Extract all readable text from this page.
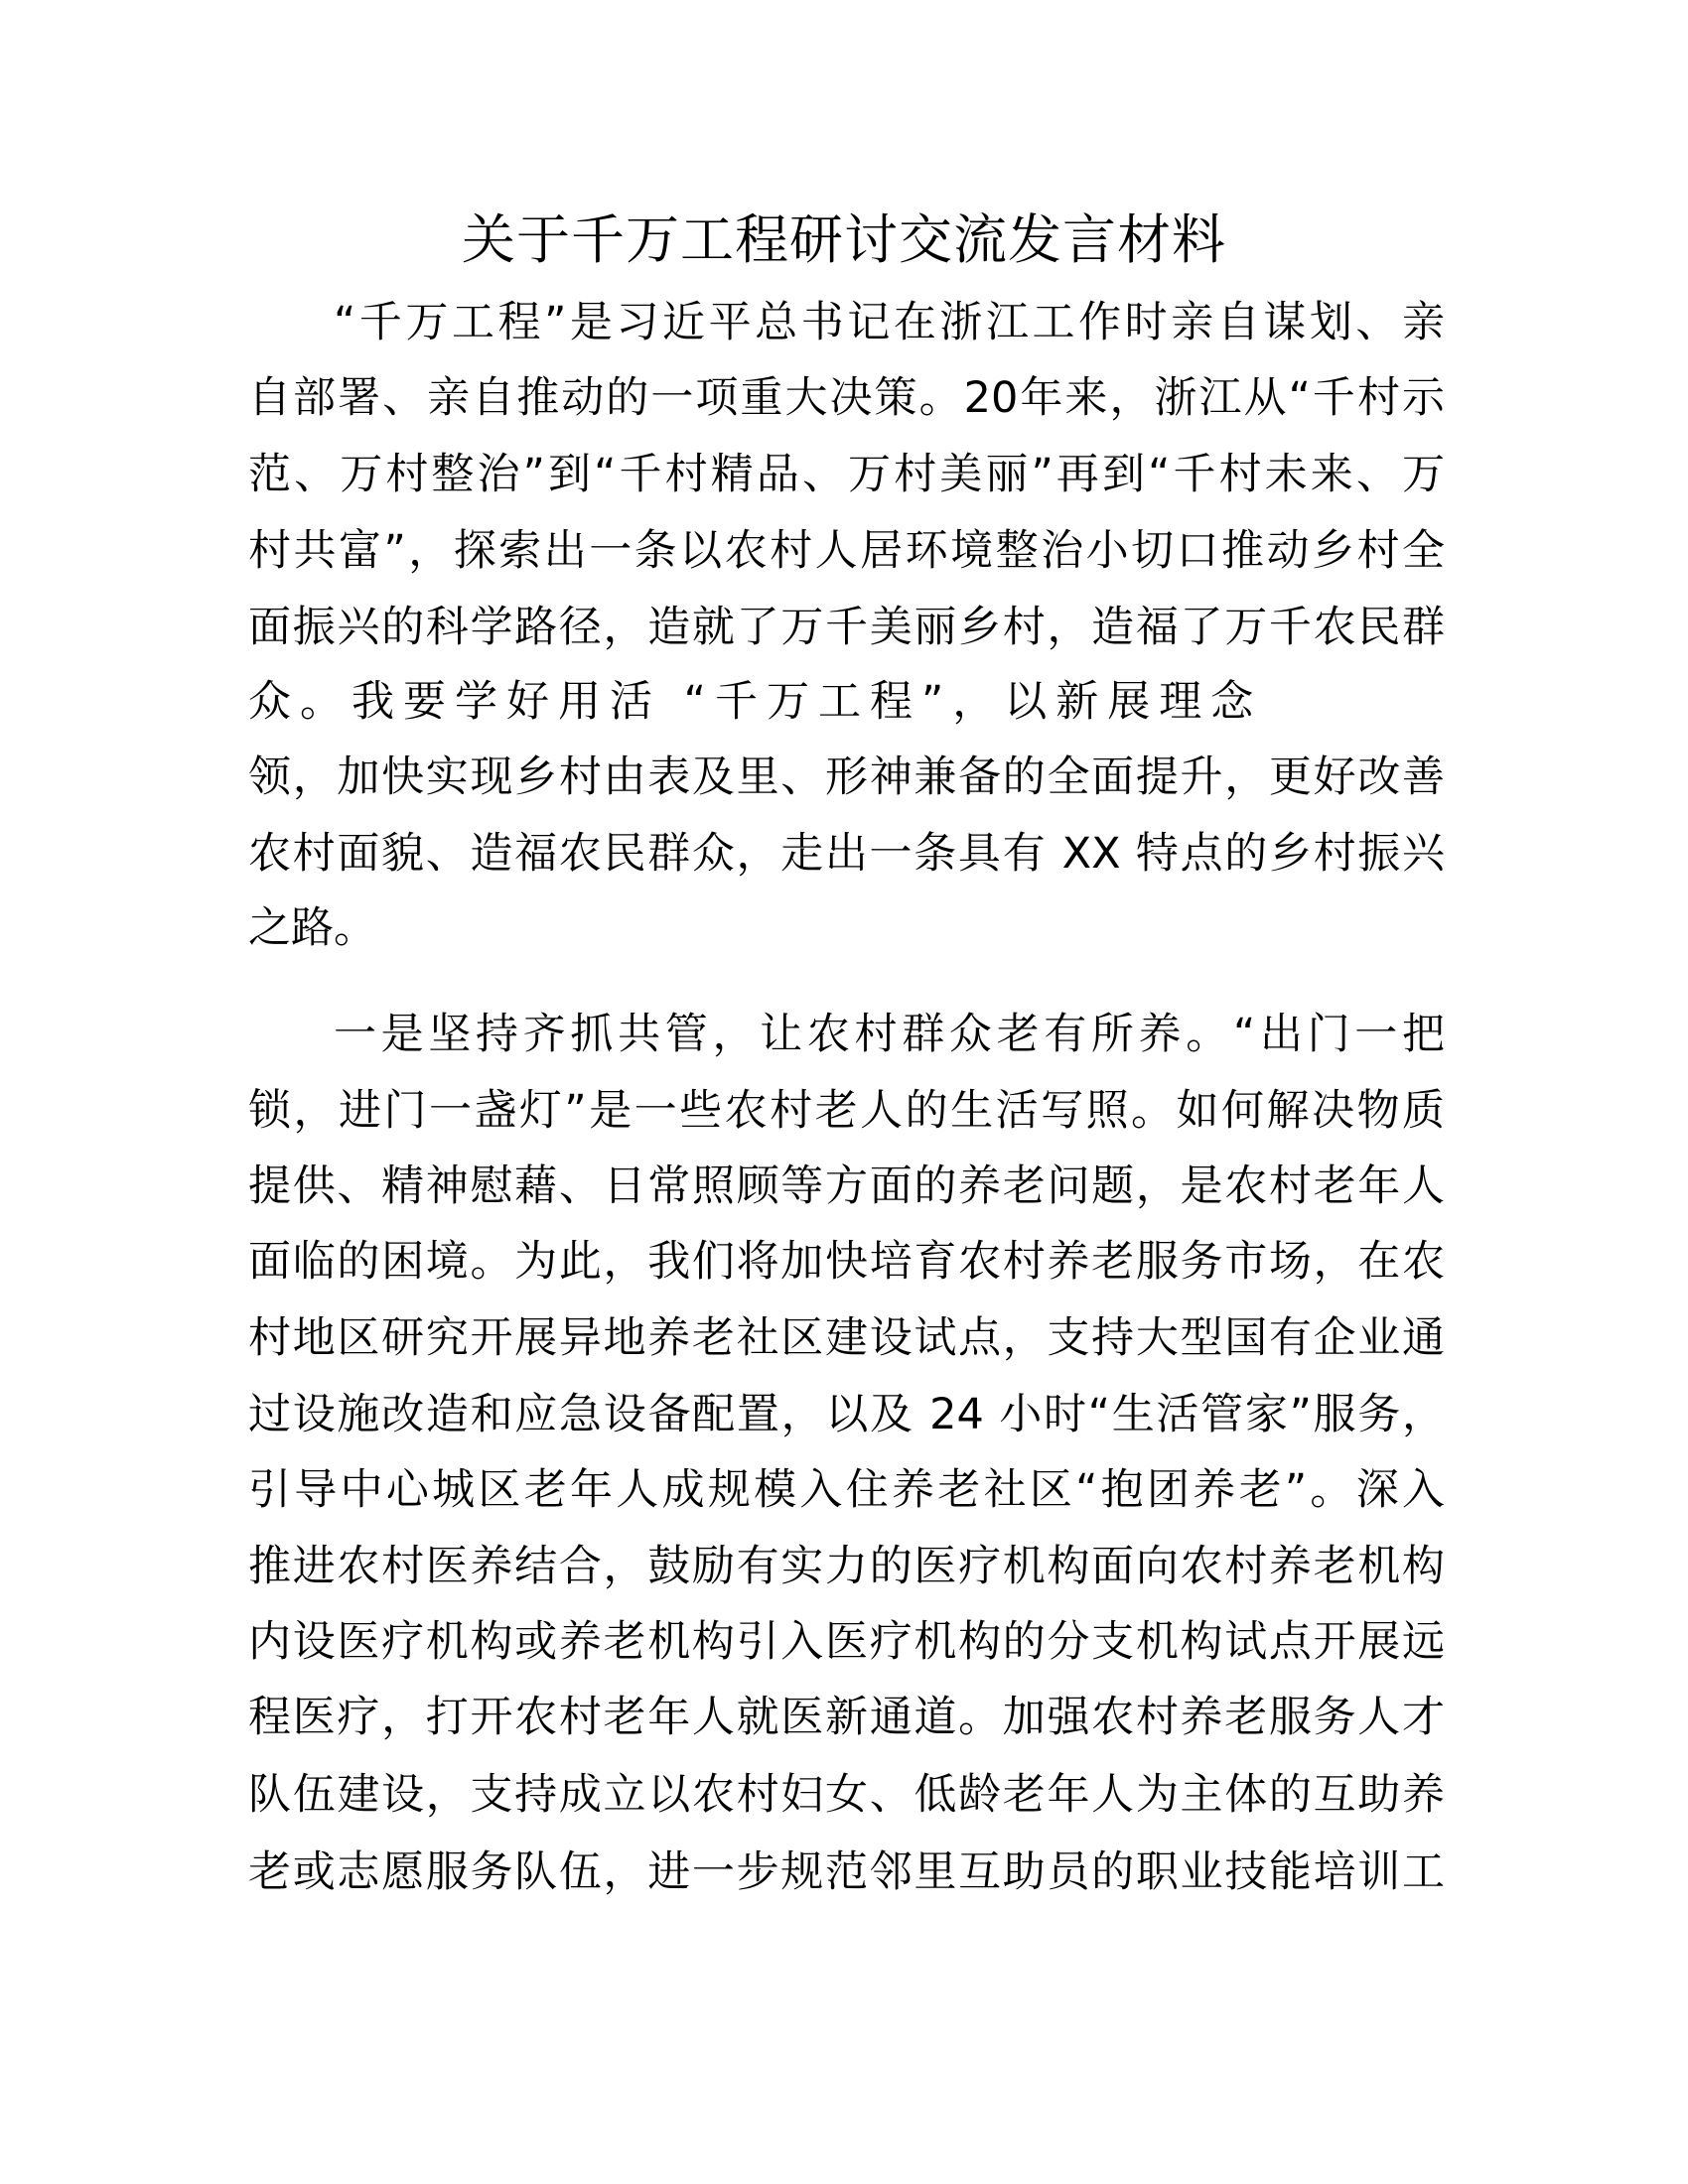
关于千万工程研讨交流发言材料
“千万工程”是习近平总书记在浙江工作时亲自谋划、亲
自部署、亲自推动的一项重大决策。20年来，浙江从“千村示
范、万村整治”到“千村精品、万村美丽”再到“千村未来、万
村共富”，探索出一条以农村人居环境整治小切口推动乡村全
面振兴的科学路径，造就了万千美丽乡村，造福了万千农民群
众。我要学好用活 “千万工程”，以新展理念
领，加快实现乡村由表及里、形神兼备的全面提升，更好改善
农村面貌、造福农民群众，走出一条具有 XX 特点的乡村振兴
之路。
一是坚持齐抓共管，让农村群众老有所养。“出门一把
锁，进门一盏灯”是一些农村老人的生活写照。如何解决物质
提供、精神慰藉、日常照顾等方面的养老问题，是农村老年人
面临的困境。为此，我们将加快培育农村养老服务市场，在农
村地区研究开展异地养老社区建设试点，支持大型国有企业通
过设施改造和应急设备配置，以及 24 小时“生活管家”服务，
引导中心城区老年人成规模入住养老社区“抱团养老”。深入
推进农村医养结合，鼓励有实力的医疗机构面向农村养老机构
内设医疗机构或养老机构引入医疗机构的分支机构试点开展远
程医疗，打开农村老年人就医新通道。加强农村养老服务人才
队伍建设，支持成立以农村妇女、低龄老年人为主体的互助养
老或志愿服务队伍，进一步规范邻里互助员的职业技能培训工
